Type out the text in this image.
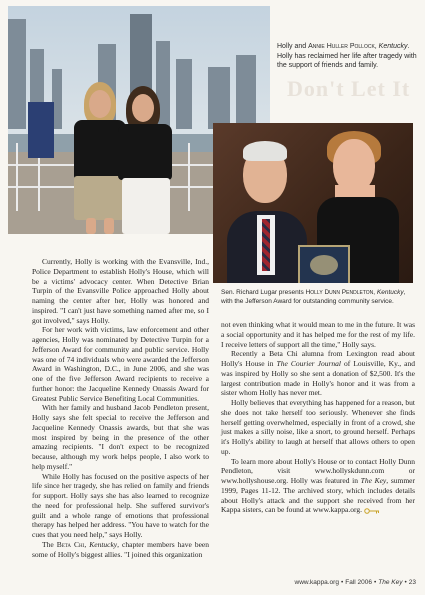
Holly and Annie Huller Pollock, Kentucky. Holly has reclaimed her life after tragedy with the support of friends and family.
Don't Let It
Sen. Richard Lugar presents Holly Dunn Pendleton, Kentucky, with the Jefferson Award for outstanding community service.

Currently, Holly is working with the Evansville, Ind., Police Department to establish Holly's House, which will be a victims' advocacy center. When Detective Brian Turpin of the Evansville Police approached Holly about naming the center after her, Holly was honored and inspired. "I can't just have something named after me, so I got involved," says Holly.

For her work with victims, law enforcement and other agencies, Holly was nominated by Detective Turpin for a Jefferson Award for community and public service. Holly was one of 74 individuals who were awarded the Jefferson Award in Washington, D.C., in June 2006, and she was one of the five Jefferson Award recipients to receive a further honor: the Jacqueline Kennedy Onassis Award for Greatest Public Service Benefiting Local Communities.

With her family and husband Jacob Pendleton present, Holly says she felt special to receive the Jefferson and Jacqueline Kennedy Onassis awards, but that she was most inspired by being in the presence of the other amazing recipients. "I don't expect to be recognized because, although my work helps people, I also work to help myself."

While Holly has focused on the positive aspects of her life since her tragedy, she has relied on family and friends for support. Holly says she has also learned to recognize the need for professional help. She suffered survivor's guilt and a whole range of emotions that professional therapy has helped her address. "You have to watch for the cues that you need help," says Holly.

The Beta Chi, Kentucky, chapter members have been some of Holly's biggest allies. "I joined this organization

not even thinking what it would mean to me in the future. It was a social opportunity and it has helped me for the rest of my life. I receive letters of support all the time," Holly says.

Recently a Beta Chi alumna from Lexington read about Holly's House in The Courier Journal of Louisville, Ky., and was inspired by Holly so she sent a donation of $2,500. It's the largest contribution made in Holly's honor and it was from a sister whom Holly has never met.

Holly believes that everything has happened for a reason, but she does not take herself too seriously. Whenever she finds herself getting overwhelmed, especially in front of a crowd, she just makes a silly noise, like a snort, to ground herself. Perhaps it's Holly's ability to laugh at herself that allows others to open up.

To learn more about Holly's House or to contact Holly Dunn Pendleton, visit www.hollyskdunn.com or www.hollyshouse.org. Holly was featured in The Key, summer 1999, Pages 11-12. The archived story, which includes details about Holly's attack and the support she received from her Kappa sisters, can be found at www.kappa.org.

www.kappa.org • Fall 2006 • The Key • 23
